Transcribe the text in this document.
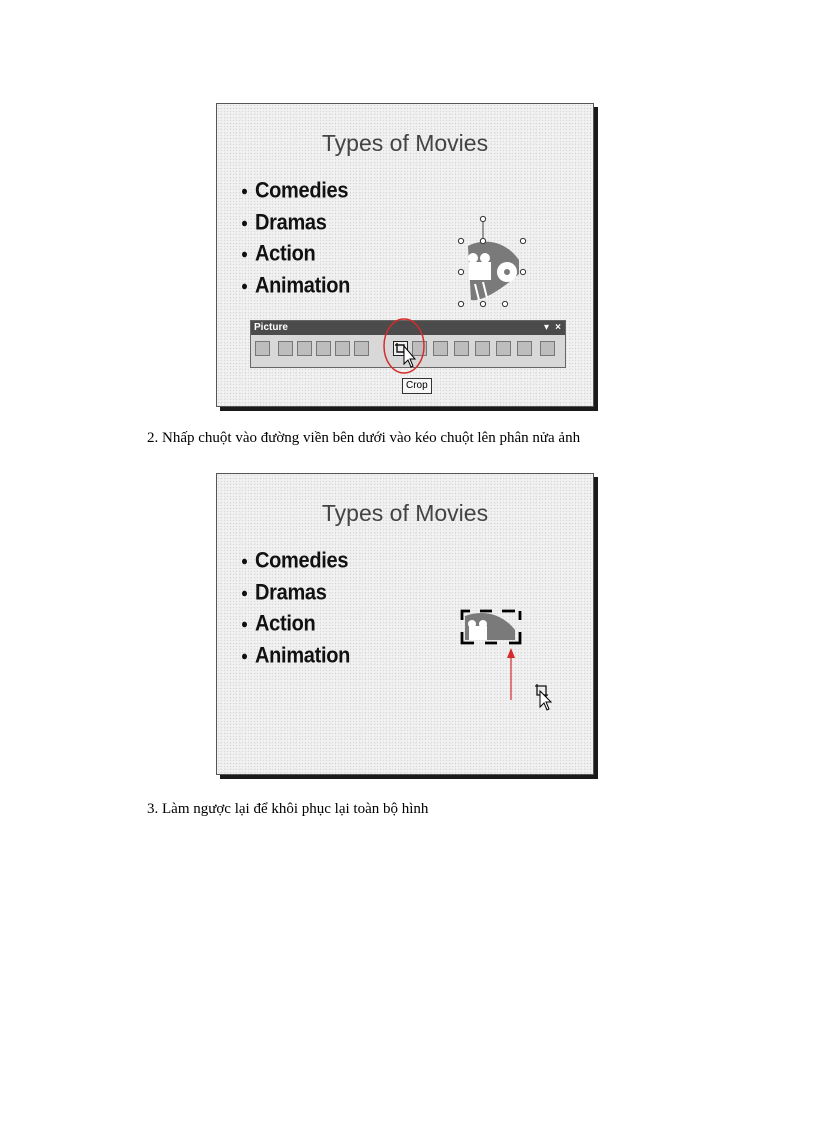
Types of Movies
Comedies
Dramas
Action
Animation
Picture	▾ ×
Crop
2. Nhấp chuột vào đường viền bên dưới vào kéo chuột lên phân nửa ảnh
Types of Movies
Comedies
Dramas
Action
Animation
3. Làm ngược lại để khôi phục lại toàn bộ hình
